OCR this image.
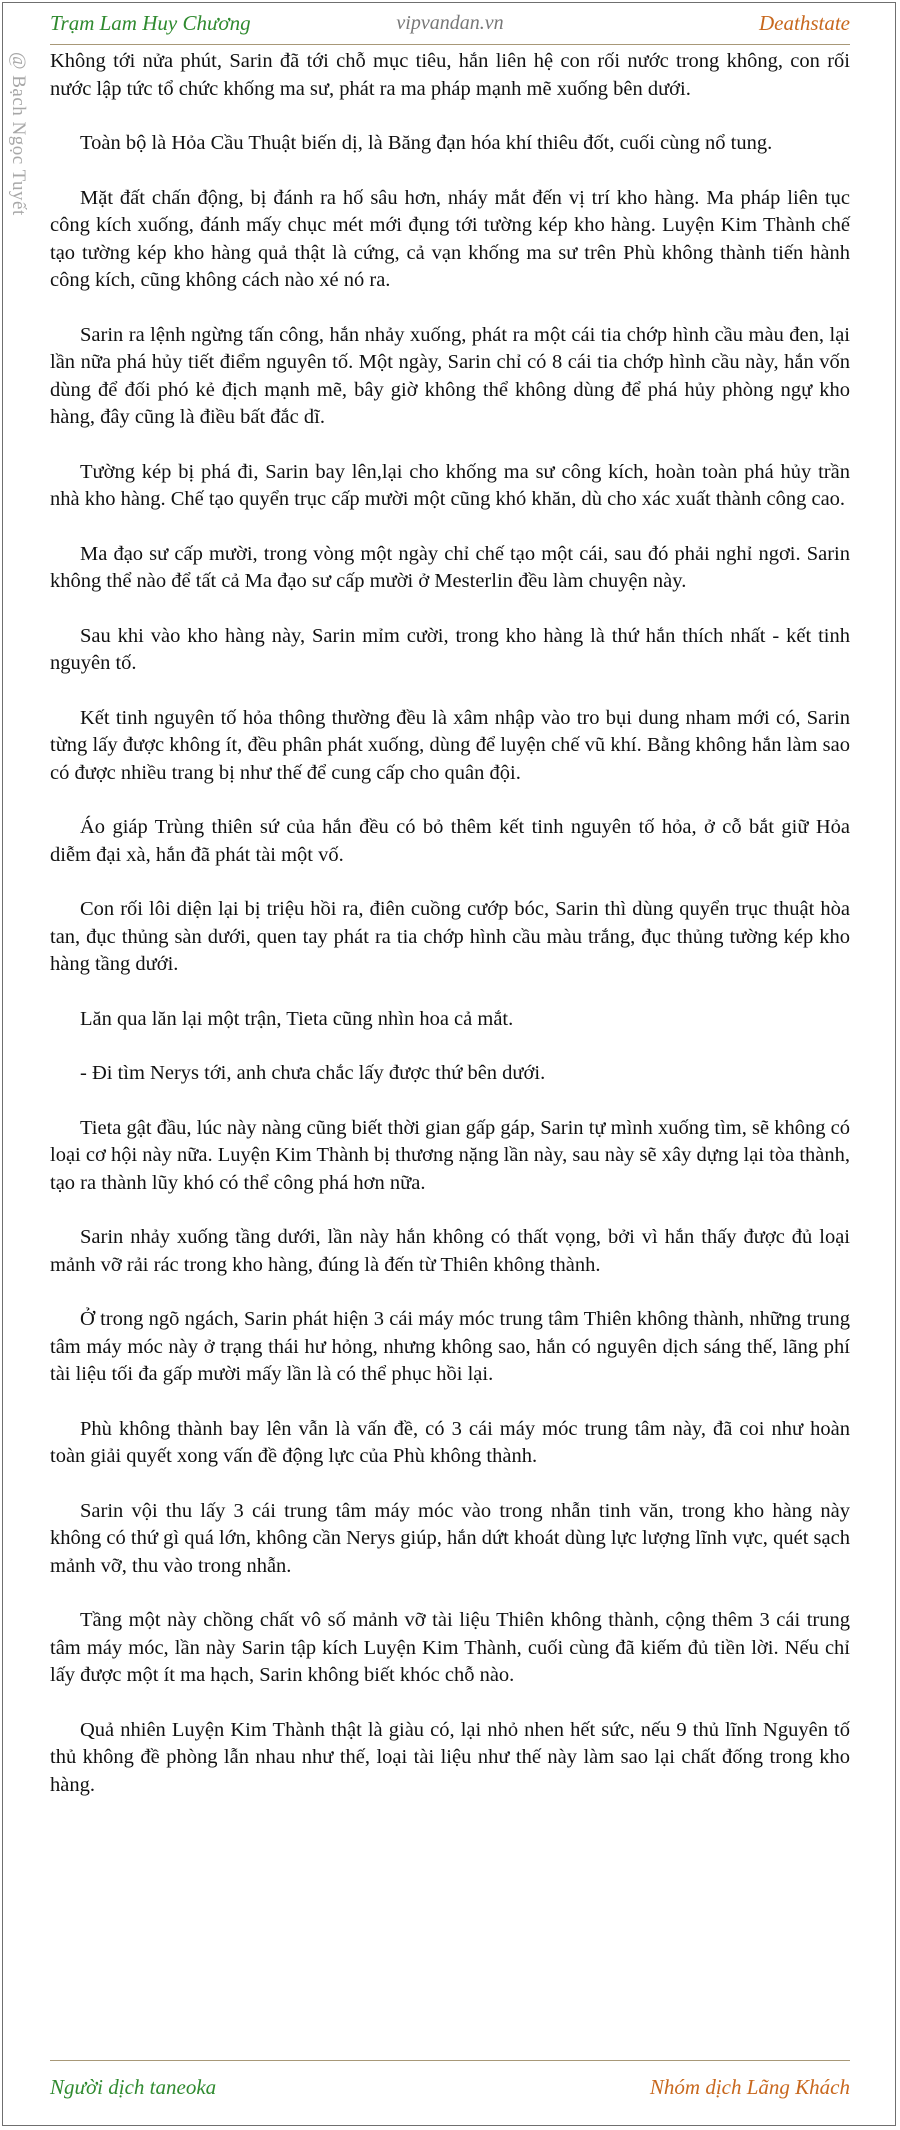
Trạm Lam Huy Chương	vipvandan.vn	Deathstate
@ Bạch Ngọc Tuyết Không tới nửa phút, Sarin đã tới chỗ mục tiêu, hắn liên hệ con rối nước trong không, con rối nước lập tức tổ chức khống ma sư, phát ra ma pháp mạnh mẽ xuống bên dưới.

Toàn bộ là Hỏa Cầu Thuật biến dị, là Băng đạn hóa khí thiêu đốt, cuối cùng nổ tung.

Mặt đất chấn động, bị đánh ra hố sâu hơn, nháy mắt đến vị trí kho hàng. Ma pháp liên tục công kích xuống, đánh mấy chục mét mới đụng tới tường kép kho hàng. Luyện Kim Thành chế tạo tường kép kho hàng quả thật là cứng, cả vạn khống ma sư trên Phù không thành tiến hành công kích, cũng không cách nào xé nó ra.

Sarin ra lệnh ngừng tấn công, hắn nhảy xuống, phát ra một cái tia chớp hình cầu màu đen, lại lần nữa phá hủy tiết điểm nguyên tố. Một ngày, Sarin chỉ có 8 cái tia chớp hình cầu này, hắn vốn dùng để đối phó kẻ địch mạnh mẽ, bây giờ không thể không dùng để phá hủy phòng ngự kho hàng, đây cũng là điều bất đắc dĩ.

Tường kép bị phá đi, Sarin bay lên,lại cho khống ma sư công kích, hoàn toàn phá hủy trần nhà kho hàng. Chế tạo quyển trục cấp mười một cũng khó khăn, dù cho xác xuất thành công cao.

Ma đạo sư cấp mười, trong vòng một ngày chỉ chế tạo một cái, sau đó phải nghỉ ngơi. Sarin không thể nào để tất cả Ma đạo sư cấp mười ở Mesterlin đều làm chuyện này.

Sau khi vào kho hàng này, Sarin mỉm cười, trong kho hàng là thứ hắn thích nhất - kết tinh nguyên tố.

Kết tinh nguyên tố hỏa thông thường đều là xâm nhập vào tro bụi dung nham mới có, Sarin từng lấy được không ít, đều phân phát xuống, dùng để luyện chế vũ khí. Bằng không hắn làm sao có được nhiều trang bị như thế để cung cấp cho quân đội.

Áo giáp Trùng thiên sứ của hắn đều có bỏ thêm kết tinh nguyên tố hỏa, ở cỗ bắt giữ Hỏa diễm đại xà, hắn đã phát tài một vố.

Con rối lôi diện lại bị triệu hồi ra, điên cuồng cướp bóc, Sarin thì dùng quyển trục thuật hòa tan, đục thủng sàn dưới, quen tay phát ra tia chớp hình cầu màu trắng, đục thủng tường kép kho hàng tầng dưới.

Lăn qua lăn lại một trận, Tieta cũng nhìn hoa cả mắt.

- Đi tìm Nerys tới, anh chưa chắc lấy được thứ bên dưới.

Tieta gật đầu, lúc này nàng cũng biết thời gian gấp gáp, Sarin tự mình xuống tìm, sẽ không có loại cơ hội này nữa. Luyện Kim Thành bị thương nặng lần này, sau này sẽ xây dựng lại tòa thành, tạo ra thành lũy khó có thể công phá hơn nữa.

Sarin nhảy xuống tầng dưới, lần này hắn không có thất vọng, bởi vì hắn thấy được đủ loại mảnh vỡ rải rác trong kho hàng, đúng là đến từ Thiên không thành.

Ở trong ngõ ngách, Sarin phát hiện 3 cái máy móc trung tâm Thiên không thành, những trung tâm máy móc này ở trạng thái hư hỏng, nhưng không sao, hắn có nguyên dịch sáng thế, lãng phí tài liệu tối đa gấp mười mấy lần là có thể phục hồi lại.

Phù không thành bay lên vẫn là vấn đề, có 3 cái máy móc trung tâm này, đã coi như hoàn toàn giải quyết xong vấn đề động lực của Phù không thành.

Sarin vội thu lấy 3 cái trung tâm máy móc vào trong nhẫn tinh văn, trong kho hàng này không có thứ gì quá lớn, không cần Nerys giúp, hắn dứt khoát dùng lực lượng lĩnh vực, quét sạch mảnh vỡ, thu vào trong nhẫn.

Tầng một này chồng chất vô số mảnh vỡ tài liệu Thiên không thành, cộng thêm 3 cái trung tâm máy móc, lần này Sarin tập kích Luyện Kim Thành, cuối cùng đã kiếm đủ tiền lời. Nếu chỉ lấy được một ít ma hạch, Sarin không biết khóc chỗ nào.

Quả nhiên Luyện Kim Thành thật là giàu có, lại nhỏ nhen hết sức, nếu 9 thủ lĩnh Nguyên tố thủ không đề phòng lẫn nhau như thế, loại tài liệu như thế này làm sao lại chất đống trong kho hàng.

Người dịch taneoka	Nhóm dịch Lãng Khách
